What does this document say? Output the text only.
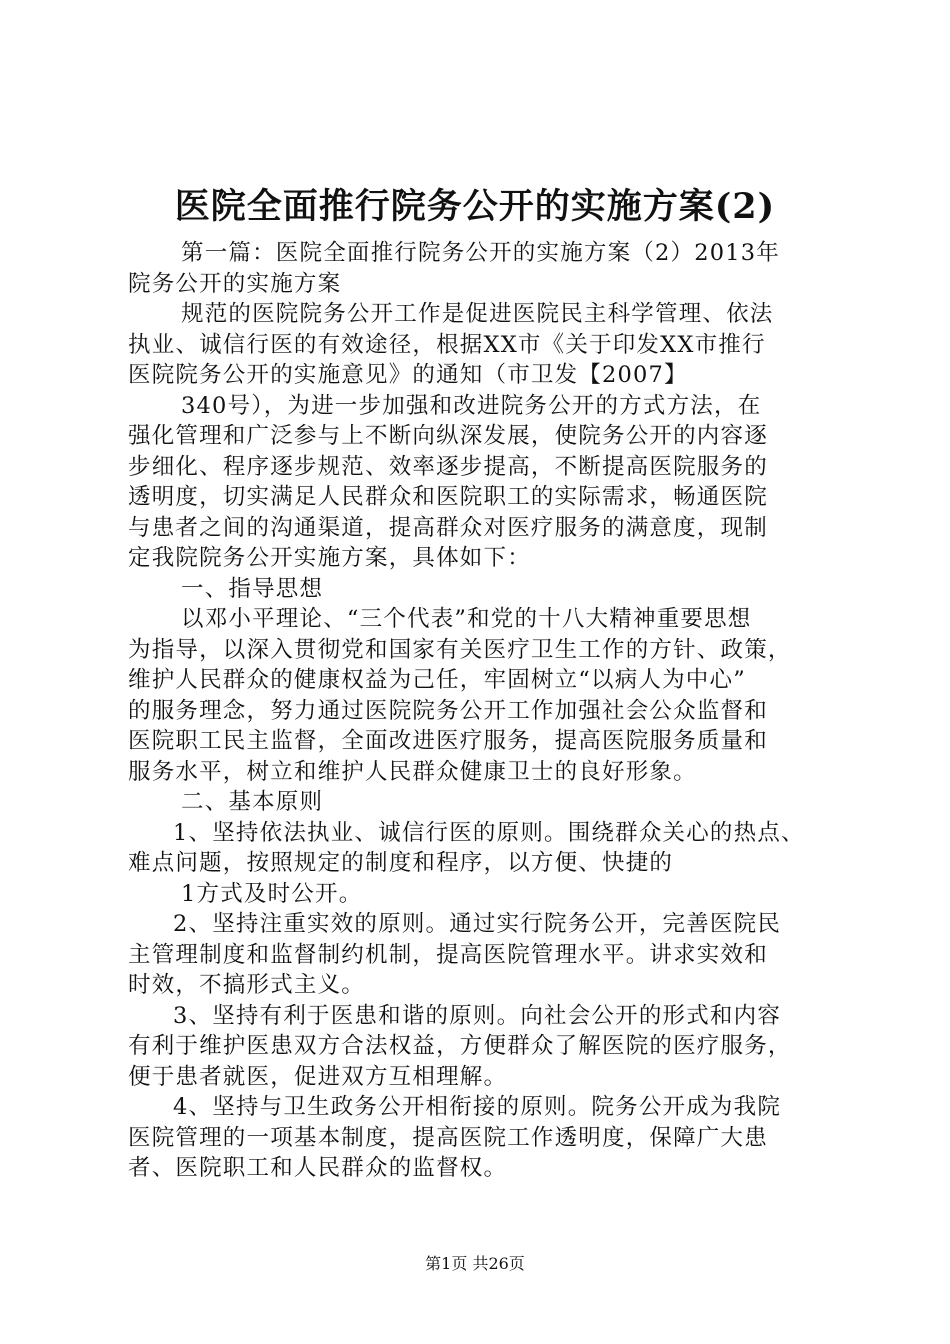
医院全面推行院务公开的实施方案(2)
第一篇：医院全面推行院务公开的实施方案（2）2013年
院务公开的实施方案
规范的医院院务公开工作是促进医院民主科学管理、依法
执业、诚信行医的有效途径，根据XX市《关于印发XX市推行
医院院务公开的实施意见》的通知（市卫发【2007】
340号），为进一步加强和改进院务公开的方式方法，在
强化管理和广泛参与上不断向纵深发展，使院务公开的内容逐
步细化、程序逐步规范、效率逐步提高，不断提高医院服务的
透明度，切实满足人民群众和医院职工的实际需求，畅通医院
与患者之间的沟通渠道，提高群众对医疗服务的满意度，现制
定我院院务公开实施方案，具体如下：
一、指导思想
以邓小平理论、“三个代表”和党的十八大精神重要思想
为指导，以深入贯彻党和国家有关医疗卫生工作的方针、政策，
维护人民群众的健康权益为己任，牢固树立“以病人为中心”
的服务理念，努力通过医院院务公开工作加强社会公众监督和
医院职工民主监督，全面改进医疗服务，提高医院服务质量和
服务水平，树立和维护人民群众健康卫士的良好形象。
二、基本原则
1、坚持依法执业、诚信行医的原则。围绕群众关心的热点、
难点问题，按照规定的制度和程序，以方便、快捷的
1方式及时公开。
2、坚持注重实效的原则。通过实行院务公开，完善医院民
主管理制度和监督制约机制，提高医院管理水平。讲求实效和
时效，不搞形式主义。
3、坚持有利于医患和谐的原则。向社会公开的形式和内容
有利于维护医患双方合法权益，方便群众了解医院的医疗服务，
便于患者就医，促进双方互相理解。
4、坚持与卫生政务公开相衔接的原则。院务公开成为我院
医院管理的一项基本制度，提高医院工作透明度，保障广大患
者、医院职工和人民群众的监督权。
第1页 共26页
